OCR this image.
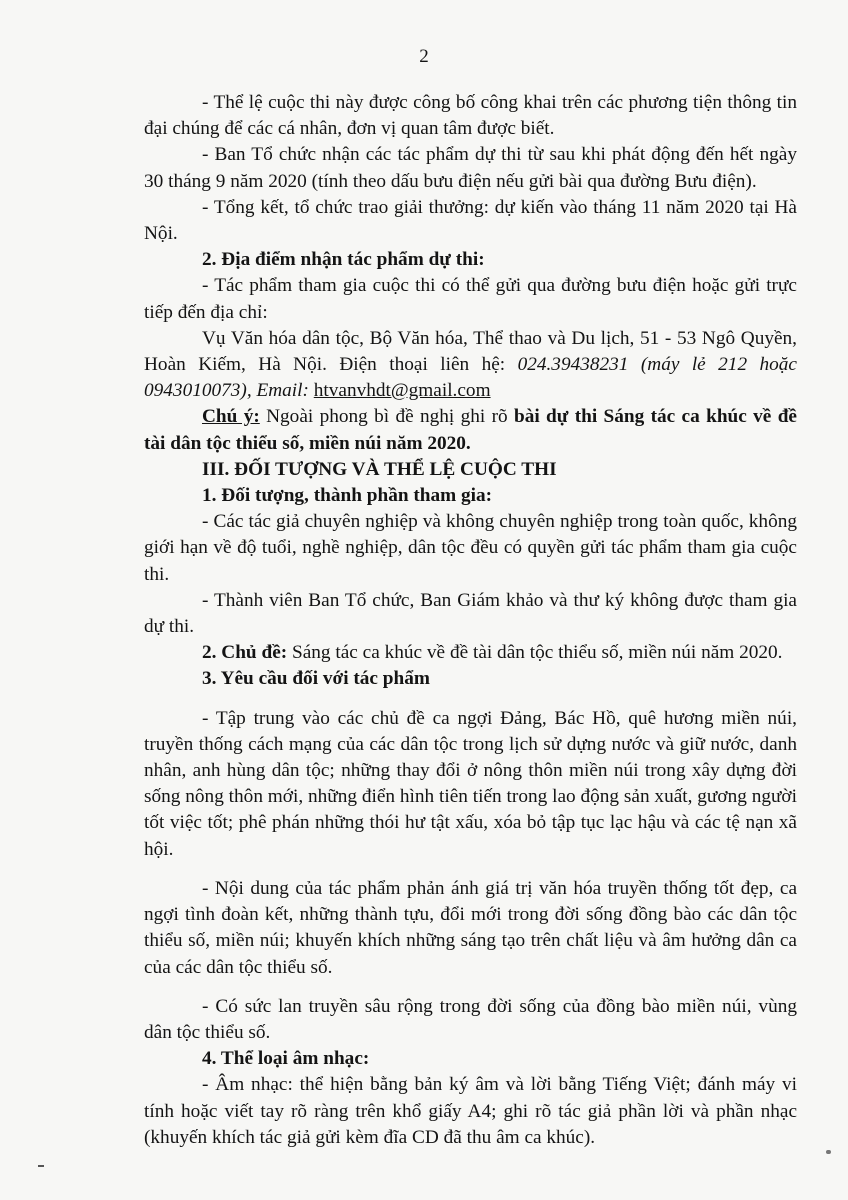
2

- Thể lệ cuộc thi này được công bố công khai trên các phương tiện thông tin đại chúng để các cá nhân, đơn vị quan tâm được biết.

- Ban Tổ chức nhận các tác phẩm dự thi từ sau khi phát động đến hết ngày 30 tháng 9 năm 2020 (tính theo dấu bưu điện nếu gửi bài qua đường Bưu điện).

- Tổng kết, tổ chức trao giải thưởng: dự kiến vào tháng 11 năm 2020 tại Hà Nội.

2. Địa điểm nhận tác phẩm dự thi:

- Tác phẩm tham gia cuộc thi có thể gửi qua đường bưu điện hoặc gửi trực tiếp đến địa chỉ:

Vụ Văn hóa dân tộc, Bộ Văn hóa, Thể thao và Du lịch, 51 - 53 Ngô Quyền, Hoàn Kiếm, Hà Nội. Điện thoại liên hệ: 024.39438231 (máy lẻ 212 hoặc 0943010073), Email: htvanvhdt@gmail.com

Chú ý: Ngoài phong bì đề nghị ghi rõ bài dự thi Sáng tác ca khúc về đề tài dân tộc thiểu số, miền núi năm 2020.

III. ĐỐI TƯỢNG VÀ THỂ LỆ CUỘC THI

1. Đối tượng, thành phần tham gia:

- Các tác giả chuyên nghiệp và không chuyên nghiệp trong toàn quốc, không giới hạn về độ tuổi, nghề nghiệp, dân tộc đều có quyền gửi tác phẩm tham gia cuộc thi.

- Thành viên Ban Tổ chức, Ban Giám khảo và thư ký không được tham gia dự thi.

2. Chủ đề: Sáng tác ca khúc về đề tài dân tộc thiểu số, miền núi năm 2020.

3. Yêu cầu đối với tác phẩm

- Tập trung vào các chủ đề ca ngợi Đảng, Bác Hồ, quê hương miền núi, truyền thống cách mạng của các dân tộc trong lịch sử dựng nước và giữ nước, danh nhân, anh hùng dân tộc; những thay đổi ở nông thôn miền núi trong xây dựng đời sống nông thôn mới, những điển hình tiên tiến trong lao động sản xuất, gương người tốt việc tốt; phê phán những thói hư tật xấu, xóa bỏ tập tục lạc hậu và các tệ nạn xã hội.

- Nội dung của tác phẩm phản ánh giá trị văn hóa truyền thống tốt đẹp, ca ngợi tình đoàn kết, những thành tựu, đổi mới trong đời sống đồng bào các dân tộc thiểu số, miền núi; khuyến khích những sáng tạo trên chất liệu và âm hưởng dân ca của các dân tộc thiểu số.

- Có sức lan truyền sâu rộng trong đời sống của đồng bào miền núi, vùng dân tộc thiểu số.

4. Thể loại âm nhạc:

- Âm nhạc: thể hiện bằng bản ký âm và lời bằng Tiếng Việt; đánh máy vi tính hoặc viết tay rõ ràng trên khổ giấy A4; ghi rõ tác giả phần lời và phần nhạc (khuyến khích tác giả gửi kèm đĩa CD đã thu âm ca khúc).
